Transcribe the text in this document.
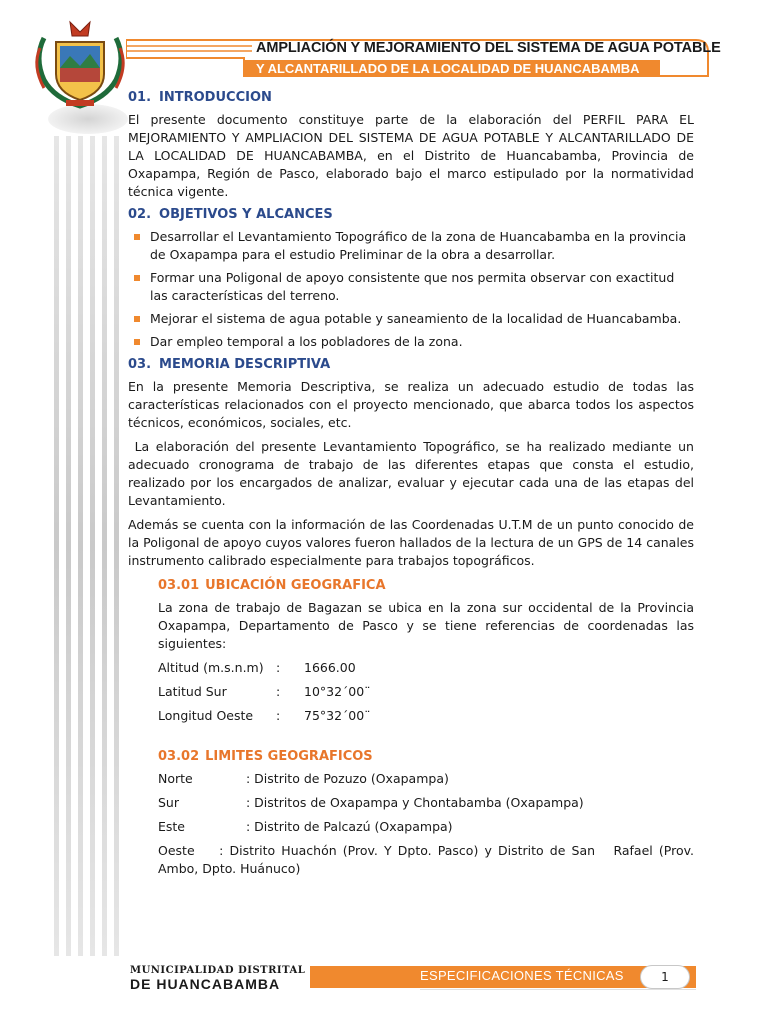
AMPLIACIÓN Y MEJORAMIENTO DEL SISTEMA DE AGUA POTABLE
Y ALCANTARILLADO DE LA LOCALIDAD DE HUANCABAMBA
01. INTRODUCCION

El presente documento constituye parte de la elaboración del PERFIL PARA EL MEJORAMIENTO Y AMPLIACION DEL SISTEMA DE AGUA POTABLE Y ALCANTARILLADO DE LA LOCALIDAD DE HUANCABAMBA, en el Distrito de Huancabamba, Provincia de Oxapampa, Región de Pasco, elaborado bajo el marco estipulado por la normatividad técnica vigente.

02. OBJETIVOS Y ALCANCES
Desarrollar el Levantamiento Topográfico de la zona de Huancabamba en la provincia de Oxapampa para el estudio Preliminar de la obra a desarrollar.
Formar una Poligonal de apoyo consistente que nos permita observar con exactitud las características del terreno.
Mejorar el sistema de agua potable y saneamiento de la localidad de Huancabamba.
Dar empleo temporal a los pobladores de la zona.
03. MEMORIA DESCRIPTIVA

En la presente Memoria Descriptiva, se realiza un adecuado estudio de todas las características relacionados con el proyecto mencionado, que abarca todos los aspectos técnicos, económicos, sociales, etc.

La elaboración del presente Levantamiento Topográfico, se ha realizado mediante un adecuado cronograma de trabajo de las diferentes etapas que consta el estudio, realizado por los encargados de analizar, evaluar y ejecutar cada una de las etapas del Levantamiento.

Además se cuenta con la información de las Coordenadas U.T.M de un punto conocido de la Poligonal de apoyo cuyos valores fueron hallados de la lectura de un GPS de 14 canales instrumento calibrado especialmente para trabajos topográficos.

03.01 UBICACIÓN GEOGRAFICA

La zona de trabajo de Bagazan se ubica en la zona sur occidental de la Provincia Oxapampa, Departamento de Pasco y se tiene referencias de coordenadas las siguientes:

Altitud (m.s.n.m)	:	1666.00
Latitud Sur	:	10°32´00¨
Longitud Oeste	:	75°32´00¨
03.02 LIMITES GEOGRAFICOS
Norte	: Distrito de Pozuzo (Oxapampa)
Sur	: Distritos de Oxapampa y Chontabamba (Oxapampa)
Este	: Distrito de Palcazú (Oxapampa)

Oeste    : Distrito Huachón (Prov. Y Dpto. Pasco) y Distrito de San   Rafael (Prov. Ambo, Dpto. Huánuco)

MUNICIPALIDAD DISTRITAL
DE HUANCABAMBA
ESPECIFICACIONES TÉCNICAS	1
